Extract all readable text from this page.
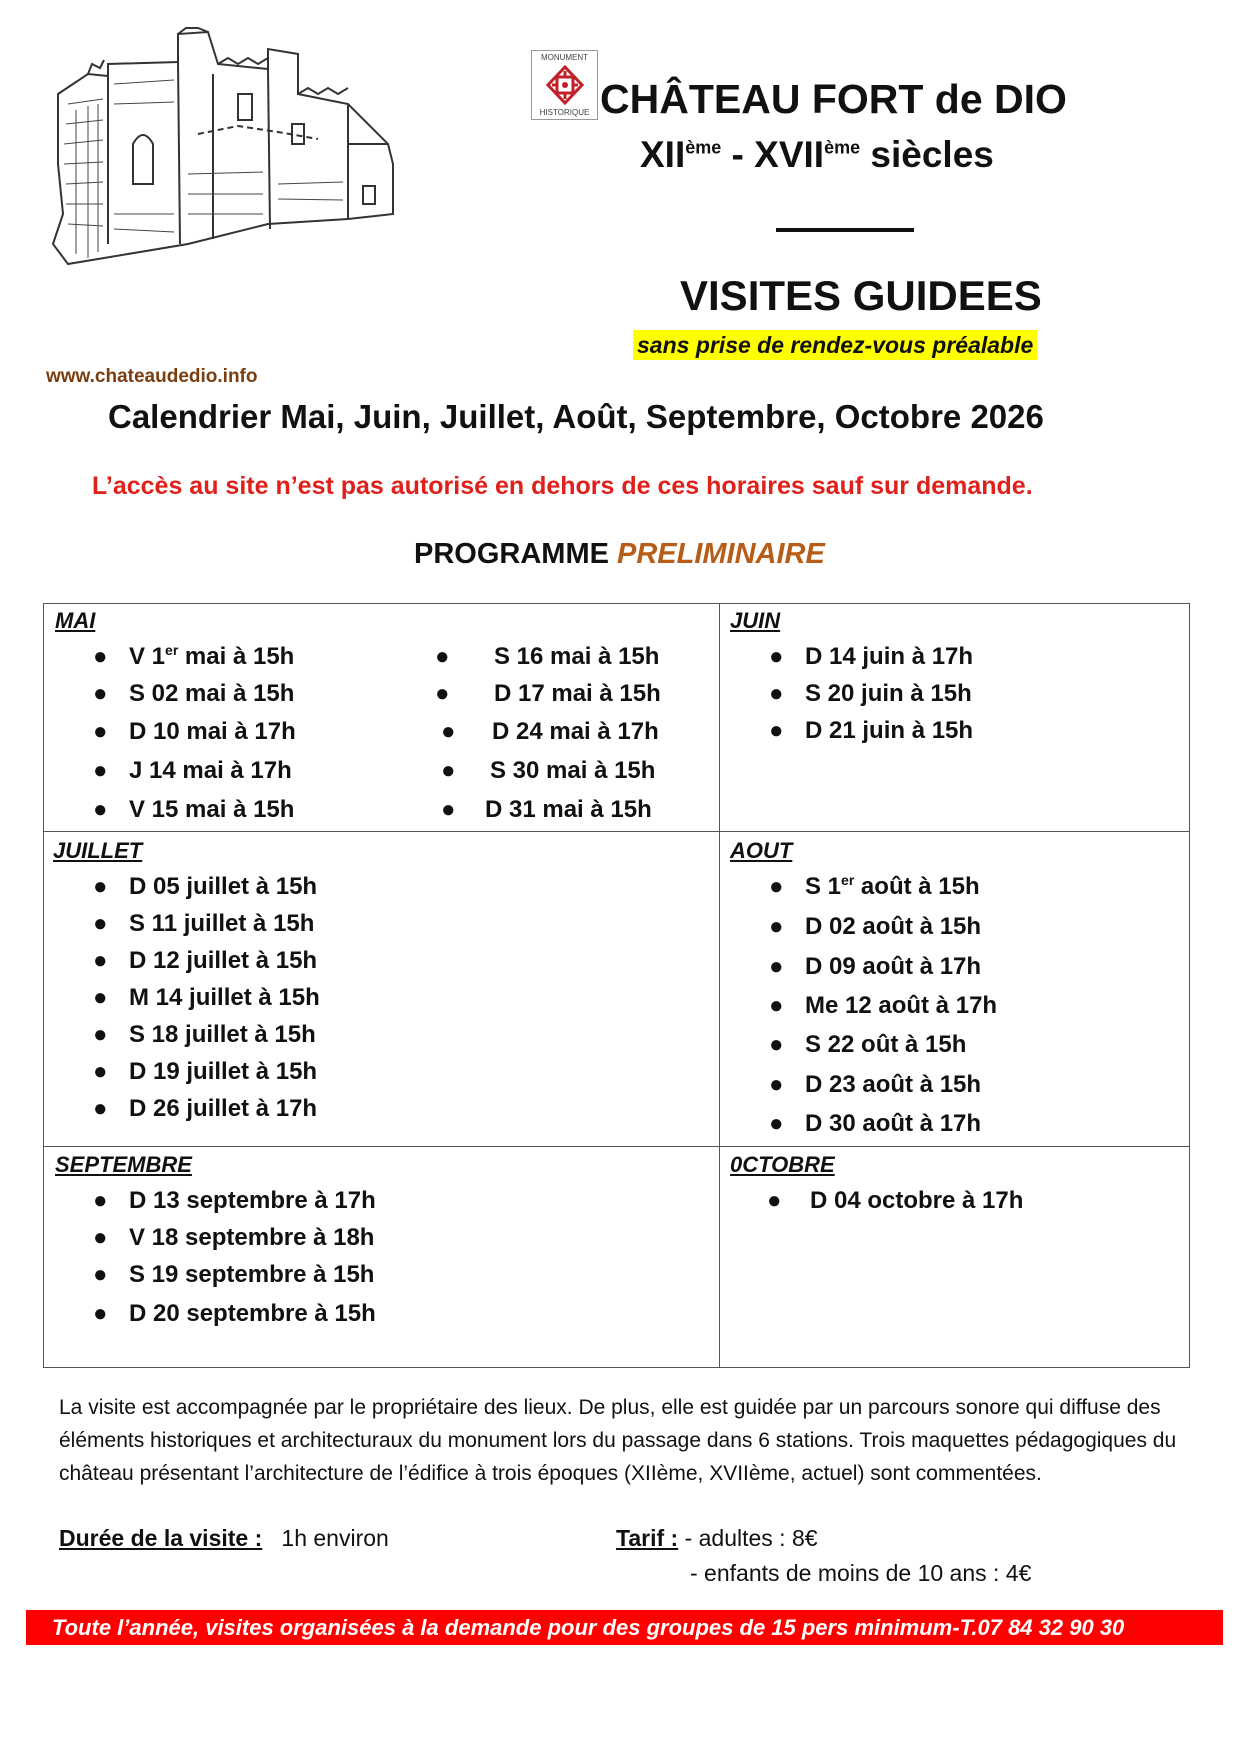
MONUMENT
HISTORIQUE CHÂTEAU FORT de DIO
XIIème - XVIIème siècles
VISITES GUIDEES
sans prise de rendez-vous préalable
www.chateaudedio.info
Calendrier Mai, Juin, Juillet, Août, Septembre, Octobre 2026
L’accès au site n’est pas autorisé en dehors de ces horaires sauf sur demande.
PROGRAMME PRELIMINAIRE
MAI
● V 1er mai à 15h
● S 02 mai à 15h
● D 10 mai à 17h
● J 14 mai à 17h
● V 15 mai à 15h
● S 16 mai à 15h
● D 17 mai à 15h
● D 24 mai à 17h
● S 30 mai à 15h
● D 31 mai à 15h
JUIN
● D 14 juin à 17h
● S 20 juin à 15h
● D 21 juin à 15h
JUILLET
● D 05 juillet à 15h
● S 11 juillet à 15h
● D 12 juillet à 15h
● M 14 juillet à 15h
● S 18 juillet à 15h
● D 19 juillet à 15h
● D 26 juillet à 17h
AOUT
● S 1er août à 15h
● D 02 août à 15h
● D 09 août à 17h
● Me 12 août à 17h
● S 22 oût à 15h
● D 23 août à 15h
● D 30 août à 17h
SEPTEMBRE
● D 13 septembre à 17h
● V 18 septembre à 18h
● S 19 septembre à 15h
● D 20 septembre à 15h
0CTOBRE
● D 04 octobre à 17h
La visite est accompagnée par le propriétaire des lieux. De plus, elle est guidée par un parcours sonore qui diffuse des éléments historiques et architecturaux du monument lors du passage dans 6 stations. Trois maquettes pédagogiques du château présentant l’architecture de l’édifice à trois époques (XIIème, XVIIème, actuel) sont commentées.
Durée de la visite : 1h environ	Tarif : - adultes : 8€
- enfants de moins de 10 ans : 4€
Toute l’année, visites organisées à la demande pour des groupes de 15 pers minimum-T.07 84 32 90 30
